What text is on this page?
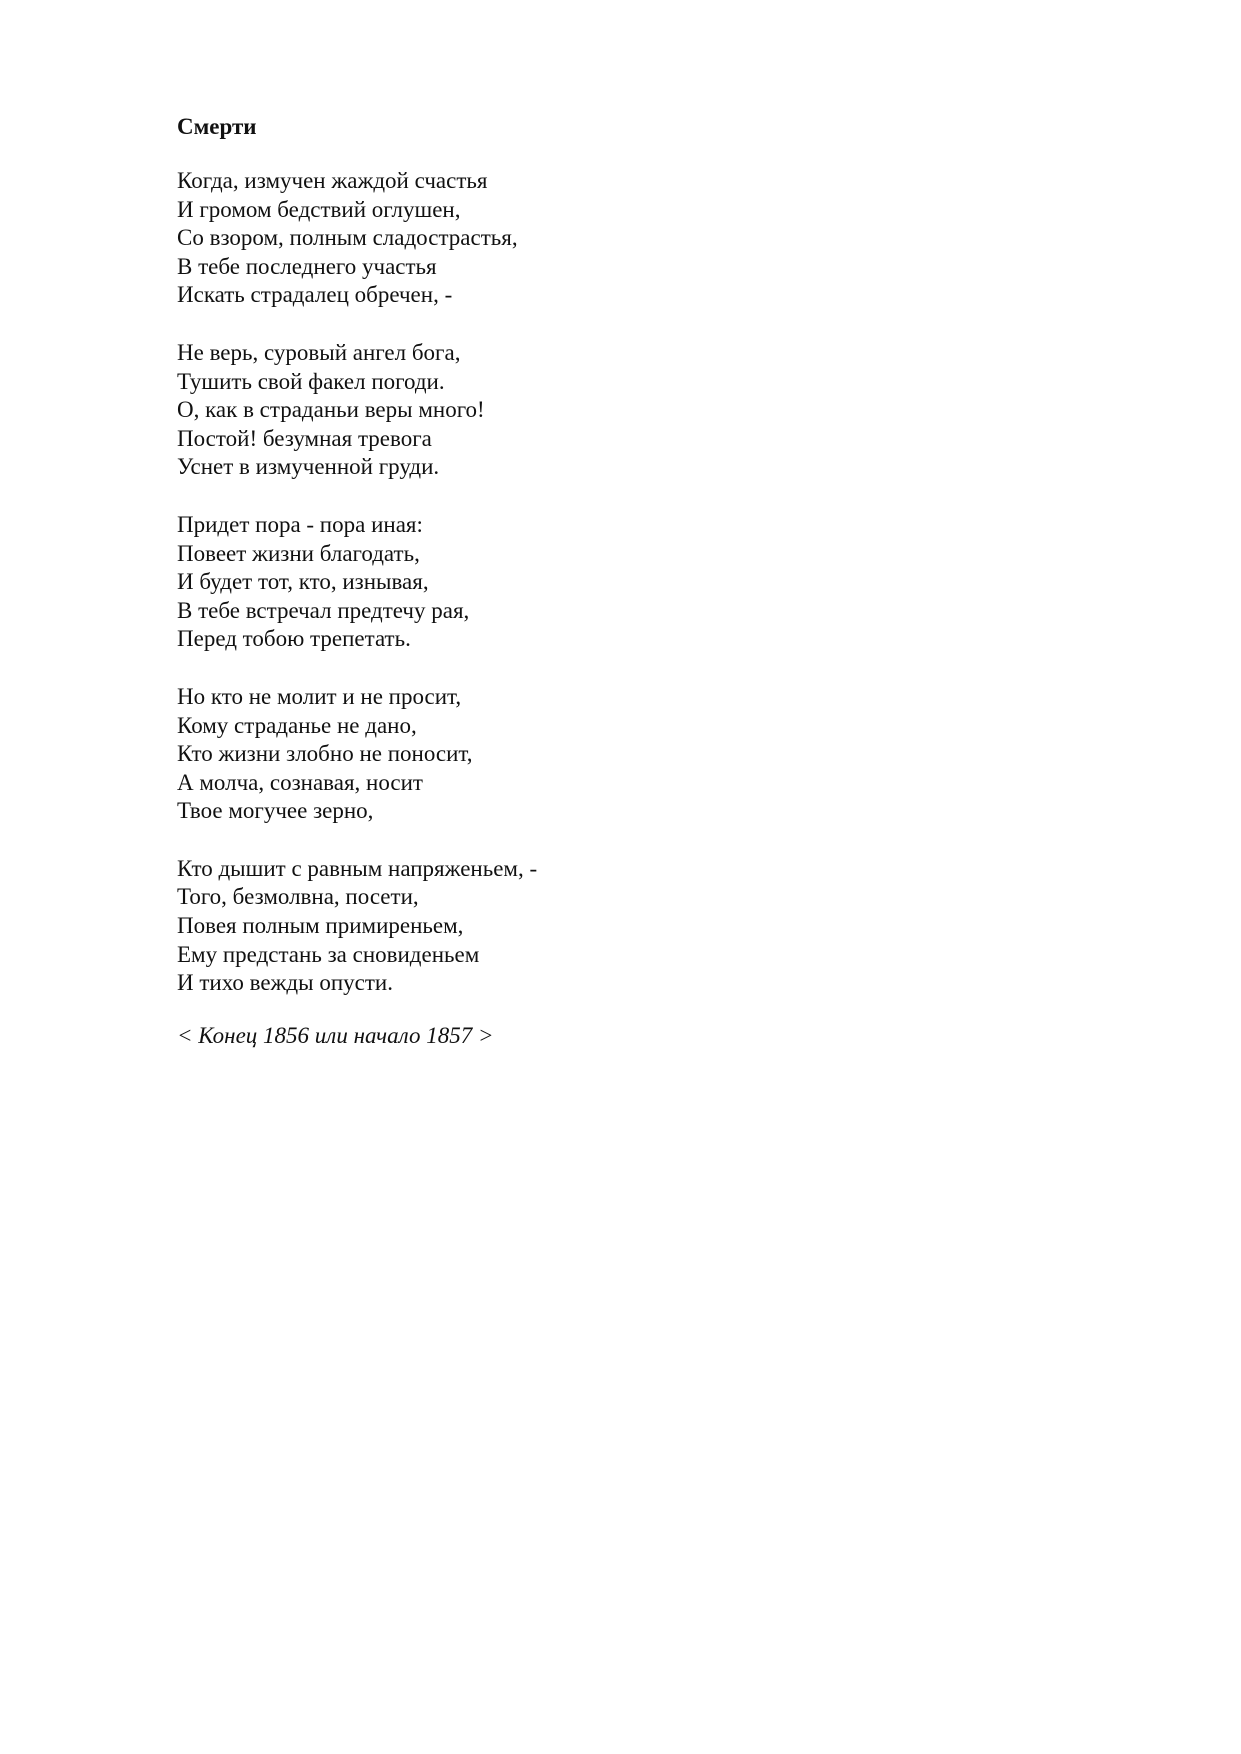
Смерти
Когда, измучен жаждой счастья
И громом бедствий оглушен,
Со взором, полным сладострастья,
В тебе последнего участья
Искать страдалец обречен, -
Не верь, суровый ангел бога,
Тушить свой факел погоди.
О, как в страданьи веры много!
Постой! безумная тревога
Уснет в измученной груди.
Придет пора - пора иная:
Повеет жизни благодать,
И будет тот, кто, изнывая,
В тебе встречал предтечу рая,
Перед тобою трепетать.
Но кто не молит и не просит,
Кому страданье не дано,
Кто жизни злобно не поносит,
А молча, сознавая, носит
Твое могучее зерно,
Кто дышит с равным напряженьем, -
Того, безмолвна, посети,
Повея полным примиреньем,
Ему предстань за сновиденьем
И тихо вежды опусти.
< Конец 1856 или начало 1857 >
